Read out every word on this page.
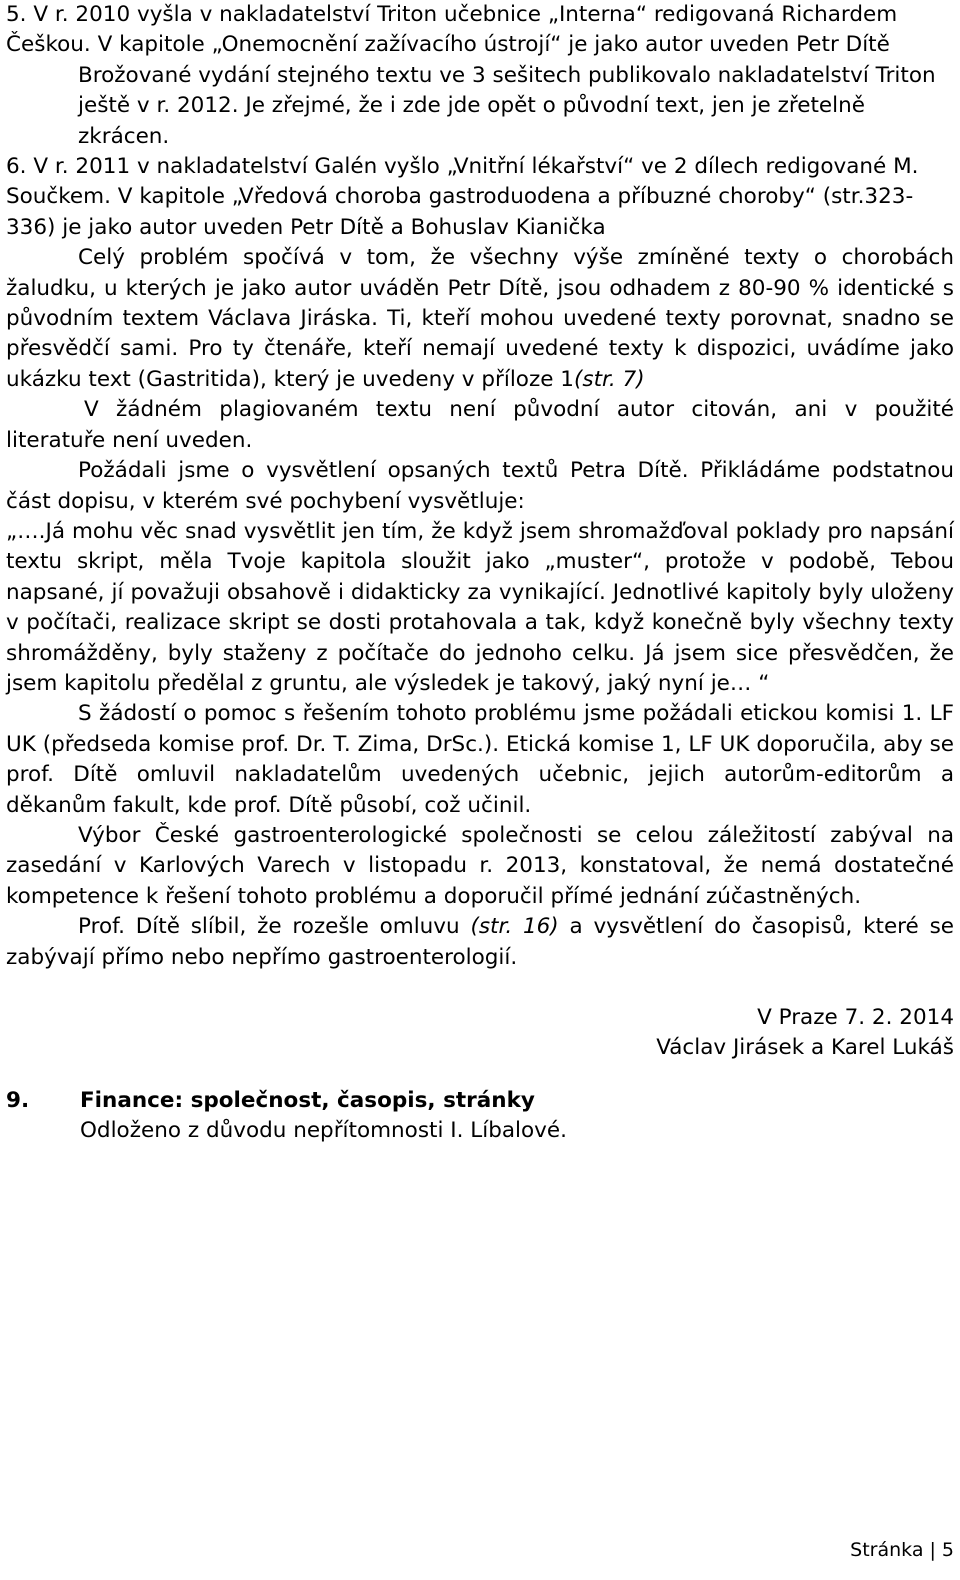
5. V r. 2010 vyšla v nakladatelství Triton učebnice „Interna“ redigovaná Richardem Češkou. V kapitole „Onemocnění zažívacího ústrojí“ je jako autor uveden Petr Dítě

Brožované vydání stejného textu ve 3 sešitech publikovalo nakladatelství Triton ještě v r. 2012. Je zřejmé, že i zde jde opět o původní text, jen je zřetelně zkrácen.

6. V r. 2011 v nakladatelství Galén vyšlo „Vnitřní lékařství“ ve 2 dílech redigované M. Součkem. V kapitole „Vředová choroba gastroduodena a příbuzné choroby“ (str.323-336) je jako autor uveden Petr Dítě a Bohuslav Kianička

Celý problém spočívá v tom, že všechny výše zmíněné texty o chorobách žaludku, u kterých je jako autor uváděn Petr Dítě, jsou odhadem z 80-90 % identické s původním textem Václava Jiráska. Ti, kteří mohou uvedené texty porovnat, snadno se přesvědčí sami. Pro ty čtenáře, kteří nemají uvedené texty k dispozici, uvádíme jako ukázku text (Gastritida), který je uvedeny v příloze 1(str. 7)

V žádném plagiovaném textu není původní autor citován, ani v použité literatuře není uveden.

Požádali jsme o vysvětlení opsaných textů Petra Dítě. Přikládáme podstatnou část dopisu, v kterém své pochybení vysvětluje:

„….Já mohu věc snad vysvětlit jen tím, že když jsem shromažďoval poklady pro napsání textu skript, měla Tvoje kapitola sloužit jako „muster“, protože v podobě, Tebou napsané, jí považuji obsahově i didakticky za vynikající. Jednotlivé kapitoly byly uloženy v počítači, realizace skript se dosti protahovala a tak, když konečně byly všechny texty shromážděny, byly staženy z počítače do jednoho celku. Já jsem sice přesvědčen, že jsem kapitolu předělal z gruntu, ale výsledek je takový, jaký nyní je… “

S žádostí o pomoc s řešením tohoto problému jsme požádali etickou komisi 1. LF UK (předseda komise prof. Dr. T. Zima, DrSc.). Etická komise 1, LF UK doporučila, aby se prof. Dítě omluvil nakladatelům uvedených učebnic, jejich autorům-editorům a děkanům fakult, kde prof. Dítě působí, což učinil.

Výbor České gastroenterologické společnosti se celou záležitostí zabýval na zasedání v Karlových Varech v listopadu r. 2013, konstatoval, že nemá dostatečné kompetence k řešení tohoto problému a doporučil přímé jednání zúčastněných.

Prof. Dítě slíbil, že rozešle omluvu (str. 16) a vysvětlení do časopisů, které se zabývají přímo nebo nepřímo gastroenterologií.

V Praze 7. 2. 2014

Václav Jirásek a Karel Lukáš

9.	Finance: společnost, časopis, stránky

Odloženo z důvodu nepřítomnosti I. Líbalové.

Stránka | 5
